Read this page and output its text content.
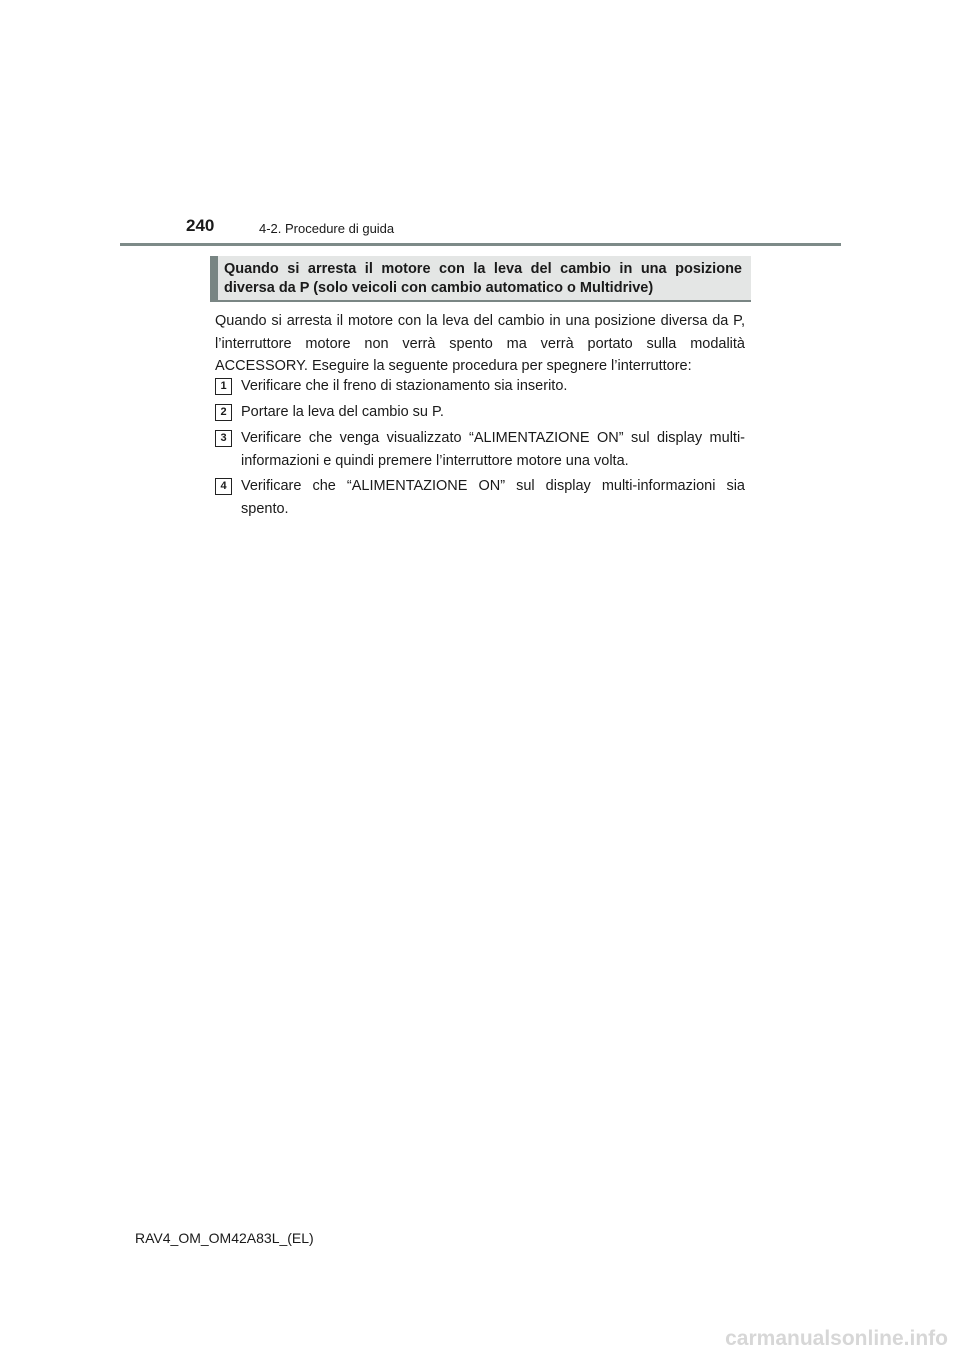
240	4-2. Procedure di guida
Quando si arresta il motore con la leva del cambio in una posizione diversa da P (solo veicoli con cambio automatico o Multidrive)

Quando si arresta il motore con la leva del cambio in una posizione diversa da P, l’interruttore motore non verrà spento ma verrà portato sulla modalità ACCESSORY. Eseguire la seguente procedura per spegnere l’interruttore:

1 Verificare che il freno di stazionamento sia inserito.

2 Portare la leva del cambio su P.

3 Verificare che venga visualizzato “ALIMENTAZIONE ON” sul display multi-informazioni e quindi premere l’interruttore motore una volta.

4 Verificare che “ALIMENTAZIONE ON” sul display multi-informazioni sia spento.

RAV4_OM_OM42A83L_(EL)
carmanualsonline.info
